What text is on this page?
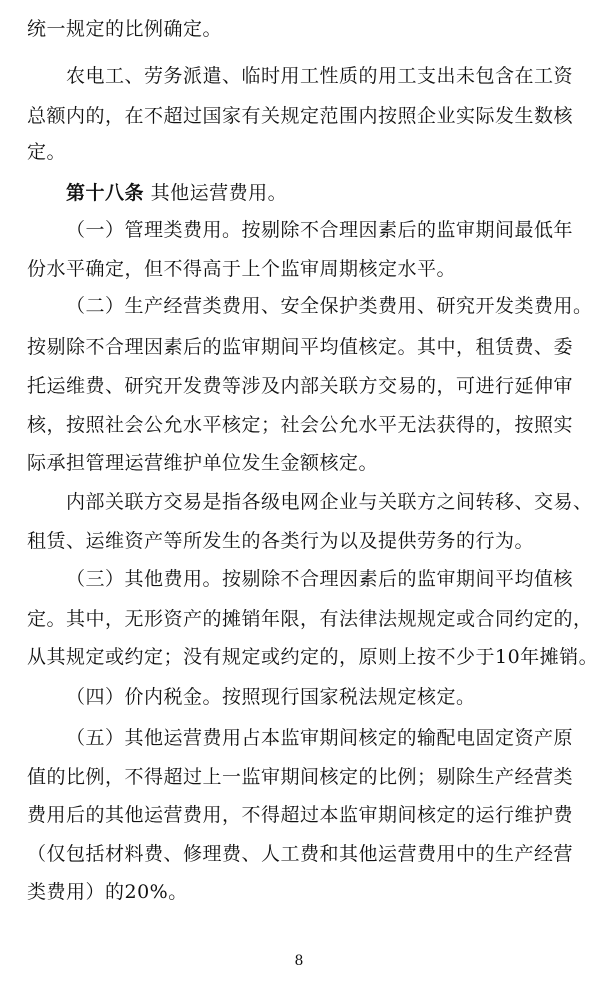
统一规定的比例确定。
农电工、劳务派遣、临时用工性质的用工支出未包含在工资
总额内的，在不超过国家有关规定范围内按照企业实际发生数核
定。
第十八条 其他运营费用。
（一）管理类费用。按剔除不合理因素后的监审期间最低年
份水平确定，但不得高于上个监审周期核定水平。
（二）生产经营类费用、安全保护类费用、研究开发类费用。
按剔除不合理因素后的监审期间平均值核定。其中，租赁费、委
托运维费、研究开发费等涉及内部关联方交易的，可进行延伸审
核，按照社会公允水平核定；社会公允水平无法获得的，按照实
际承担管理运营维护单位发生金额核定。
内部关联方交易是指各级电网企业与关联方之间转移、交易、
租赁、运维资产等所发生的各类行为以及提供劳务的行为。
（三）其他费用。按剔除不合理因素后的监审期间平均值核
定。其中，无形资产的摊销年限，有法律法规规定或合同约定的，
从其规定或约定；没有规定或约定的，原则上按不少于10年摊销。
（四）价内税金。按照现行国家税法规定核定。
（五）其他运营费用占本监审期间核定的输配电固定资产原
值的比例，不得超过上一监审期间核定的比例；剔除生产经营类
费用后的其他运营费用，不得超过本监审期间核定的运行维护费
（仅包括材料费、修理费、人工费和其他运营费用中的生产经营
类费用）的20%。
8
